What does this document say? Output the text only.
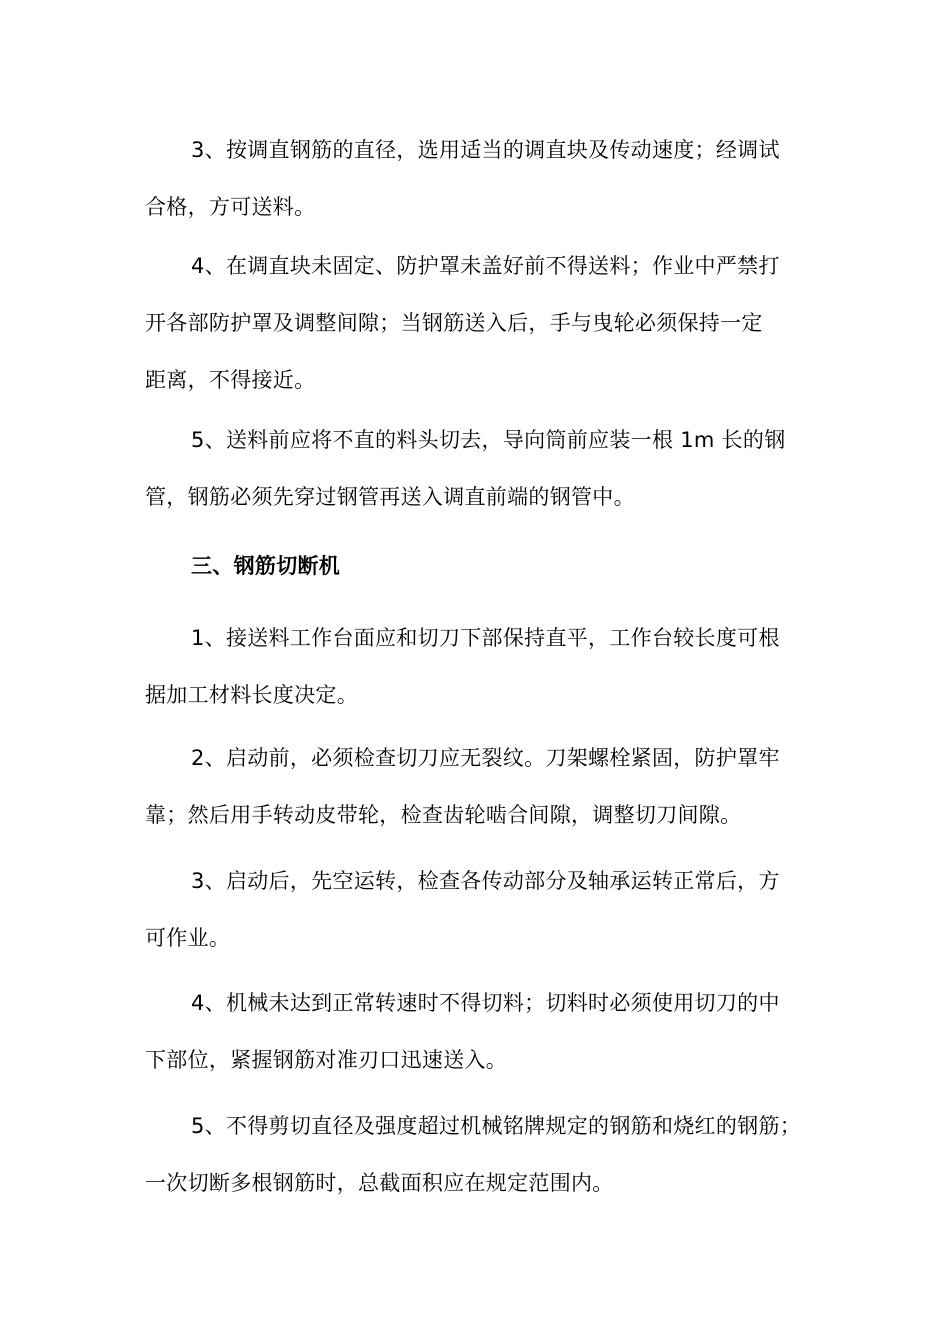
3、按调直钢筋的直径，选用适当的调直块及传动速度；经调试
合格，方可送料。

4、在调直块未固定、防护罩未盖好前不得送料；作业中严禁打
开各部防护罩及调整间隙；当钢筋送入后，手与曳轮必须保持一定
距离，不得接近。

5、送料前应将不直的料头切去，导向筒前应装一根 1m 长的钢
管，钢筋必须先穿过钢管再送入调直前端的钢管中。

三、钢筋切断机

1、接送料工作台面应和切刀下部保持直平，工作台较长度可根
据加工材料长度决定。

2、启动前，必须检查切刀应无裂纹。刀架螺栓紧固，防护罩牢
靠；然后用手转动皮带轮，检查齿轮啮合间隙，调整切刀间隙。

3、启动后，先空运转，检查各传动部分及轴承运转正常后，方
可作业。

4、机械未达到正常转速时不得切料；切料时必须使用切刀的中
下部位，紧握钢筋对准刃口迅速送入。

5、不得剪切直径及强度超过机械铭牌规定的钢筋和烧红的钢筋；
一次切断多根钢筋时，总截面积应在规定范围内。
